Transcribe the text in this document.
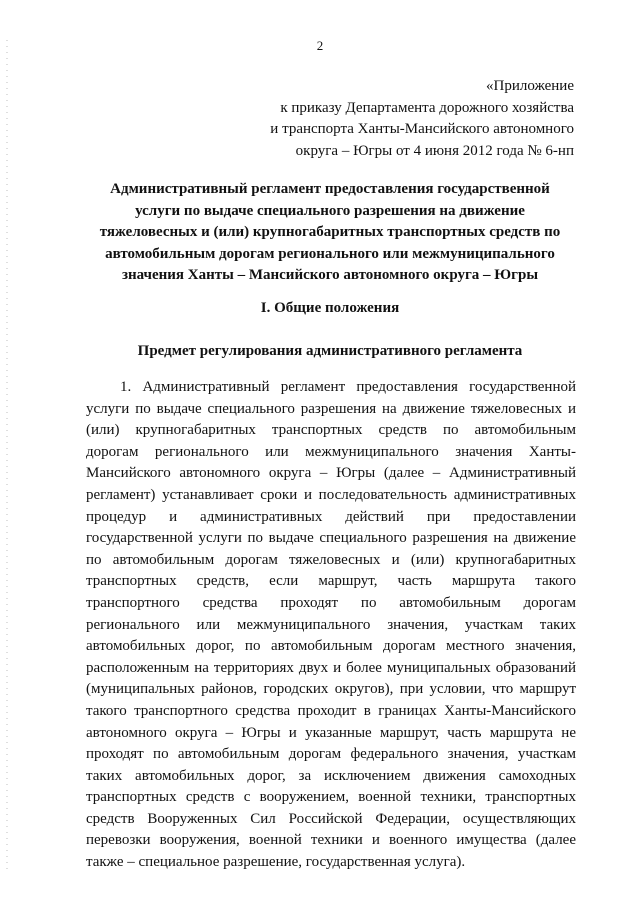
2
«Приложение
к приказу Департамента дорожного хозяйства
и транспорта Ханты-Мансийского автономного
округа – Югры от 4 июня 2012 года № 6-нп
Административный регламент предоставления государственной
услуги по выдаче специального разрешения на движение
тяжеловесных и (или) крупногабаритных транспортных средств по
автомобильным дорогам регионального или межмуниципального
значения Ханты – Мансийского автономного округа – Югры
I. Общие положения
Предмет регулирования административного регламента
1. Административный регламент предоставления государственной
услуги по выдаче специального разрешения на движение тяжеловесных и
(или) крупногабаритных транспортных средств по автомобильным
дорогам регионального или межмуниципального значения Ханты-
Мансийского автономного округа – Югры (далее – Административный
регламент) устанавливает сроки и последовательность административных
процедур и административных действий при предоставлении
государственной услуги по выдаче специального разрешения на движение
по автомобильным дорогам тяжеловесных и (или) крупногабаритных
транспортных средств, если маршрут, часть маршрута такого
транспортного средства проходят по автомобильным дорогам
регионального или межмуниципального значения, участкам таких
автомобильных дорог, по автомобильным дорогам местного значения,
расположенным на территориях двух и более муниципальных образований
(муниципальных районов, городских округов), при условии, что маршрут
такого транспортного средства проходит в границах Ханты-Мансийского
автономного округа – Югры и указанные маршрут, часть маршрута не
проходят по автомобильным дорогам федерального значения, участкам
таких автомобильных дорог, за исключением движения самоходных
транспортных средств с вооружением, военной техники, транспортных
средств Вооруженных Сил Российской Федерации, осуществляющих
перевозки вооружения, военной техники и военного имущества (далее
также – специальное разрешение, государственная услуга).
